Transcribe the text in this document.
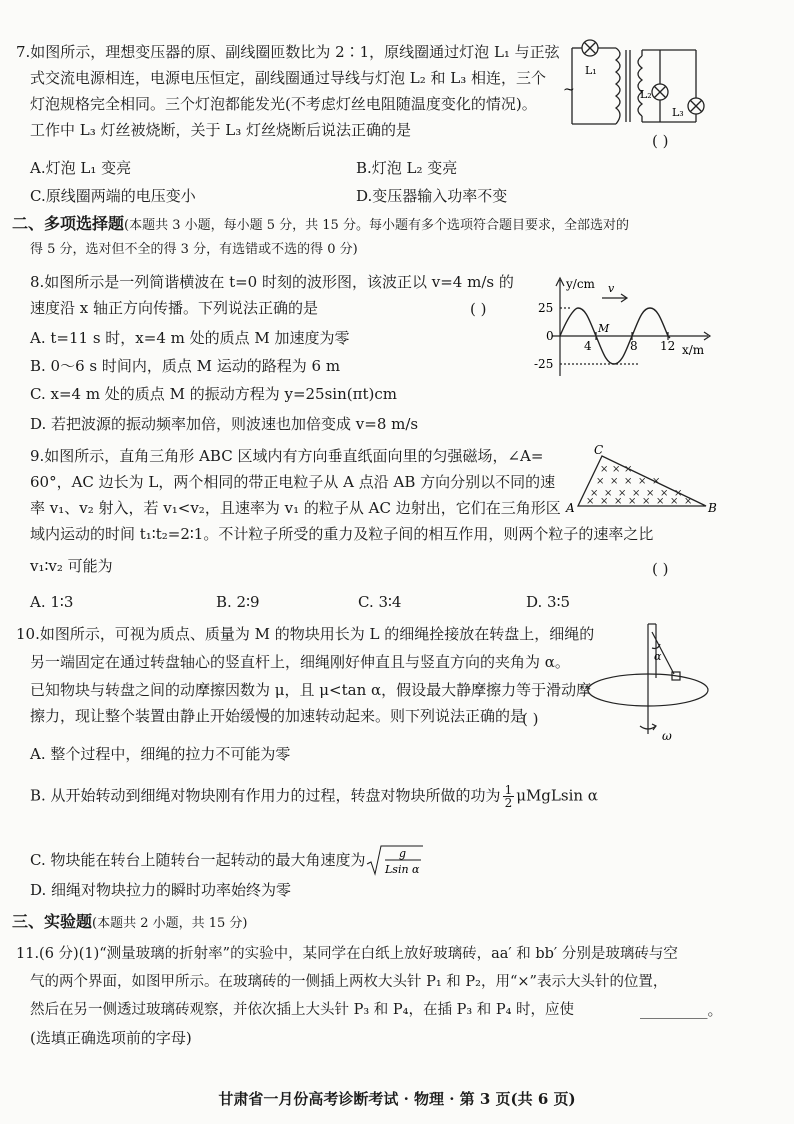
7.如图所示，理想变压器的原、副线圈匝数比为 2∶1，原线圈通过灯泡 L₁ 与正弦
式交流电源相连，电源电压恒定，副线圈通过导线与灯泡 L₂ 和 L₃ 相连，三个
灯泡规格完全相同。三个灯泡都能发光(不考虑灯丝电阻随温度变化的情况)。
工作中 L₃ 灯丝被烧断，关于 L₃ 灯丝烧断后说法正确的是
( )
L₁
~	L₂
L₃
A.灯泡 L₁ 变亮	B.灯泡 L₂ 变亮
C.原线圈两端的电压变小	D.变压器输入功率不变
二、多项选择题(本题共 3 小题，每小题 5 分，共 15 分。每小题有多个选项符合题目要求，全部选对的
得 5 分，选对但不全的得 3 分，有选错或不选的得 0 分)
8.如图所示是一列简谐横波在 t=0 时刻的波形图，该波正以 v=4 m/s 的
速度沿 x 轴正方向传播。下列说法正确的是	( )
A. t=11 s 时，x=4 m 处的质点 M 加速度为零
B. 0～6 s 时间内，质点 M 运动的路程为 6 m
C. x=4 m 处的质点 M 的振动方程为 y=25sin(πt)cm
D. 若把波源的振动频率加倍，则波速也加倍变成 v=8 m/s
y/cm
x/m
v
M
25
-25
0
4	8 12
9.如图所示，直角三角形 ABC 区域内有方向垂直纸面向里的匀强磁场，∠A=
60°，AC 边长为 L，两个相同的带正电粒子从 A 点沿 AB 方向分别以不同的速
率 v₁、v₂ 射入，若 v₁<v₂，且速率为 v₁ 的粒子从 AC 边射出，它们在三角形区
域内运动的时间 t₁∶t₂=2∶1。不计粒子所受的重力及粒子间的相互作用，则两个粒子的速率之比
v₁∶v₂ 可能为	( )
× × ×
× × × × ×
× × × × × × ×
× × × × × × × ×
A	B
C
A. 1∶3	B. 2∶9	C. 3∶4	D. 3∶5
10.如图所示，可视为质点、质量为 M 的物块用长为 L 的细绳拴接放在转盘上，细绳的
另一端固定在通过转盘轴心的竖直杆上，细绳刚好伸直且与竖直方向的夹角为 α。
已知物块与转盘之间的动摩擦因数为 μ，且 μ<tan α，假设最大静摩擦力等于滑动摩
擦力，现让整个装置由静止开始缓慢的加速转动起来。则下列说法正确的是
( )
α
ω
A. 整个过程中，细绳的拉力不可能为零
B. 从开始转动到细绳对物块刚有作用力的过程，转盘对物块所做的功为 $\frac{1}{2}$ μMgLsin α
C. 物块能在转台上随转台一起转动的最大角速度为	g
Lsin α
D. 细绳对物块拉力的瞬时功率始终为零
三、实验题(本题共 2 小题，共 15 分)
11.(6 分)(1)“测量玻璃的折射率”的实验中，某同学在白纸上放好玻璃砖，aa′ 和 bb′ 分别是玻璃砖与空
气的两个界面，如图甲所示。在玻璃砖的一侧插上两枚大头针 P₁ 和 P₂，用“×”表示大头针的位置，
然后在另一侧透过玻璃砖观察，并依次插上大头针 P₃ 和 P₄，在插 P₃ 和 P₄ 时，应使	_________。
(选填正确选项前的字母)
甘肃省一月份高考诊断考试 · 物理 · 第 3 页(共 6 页)
